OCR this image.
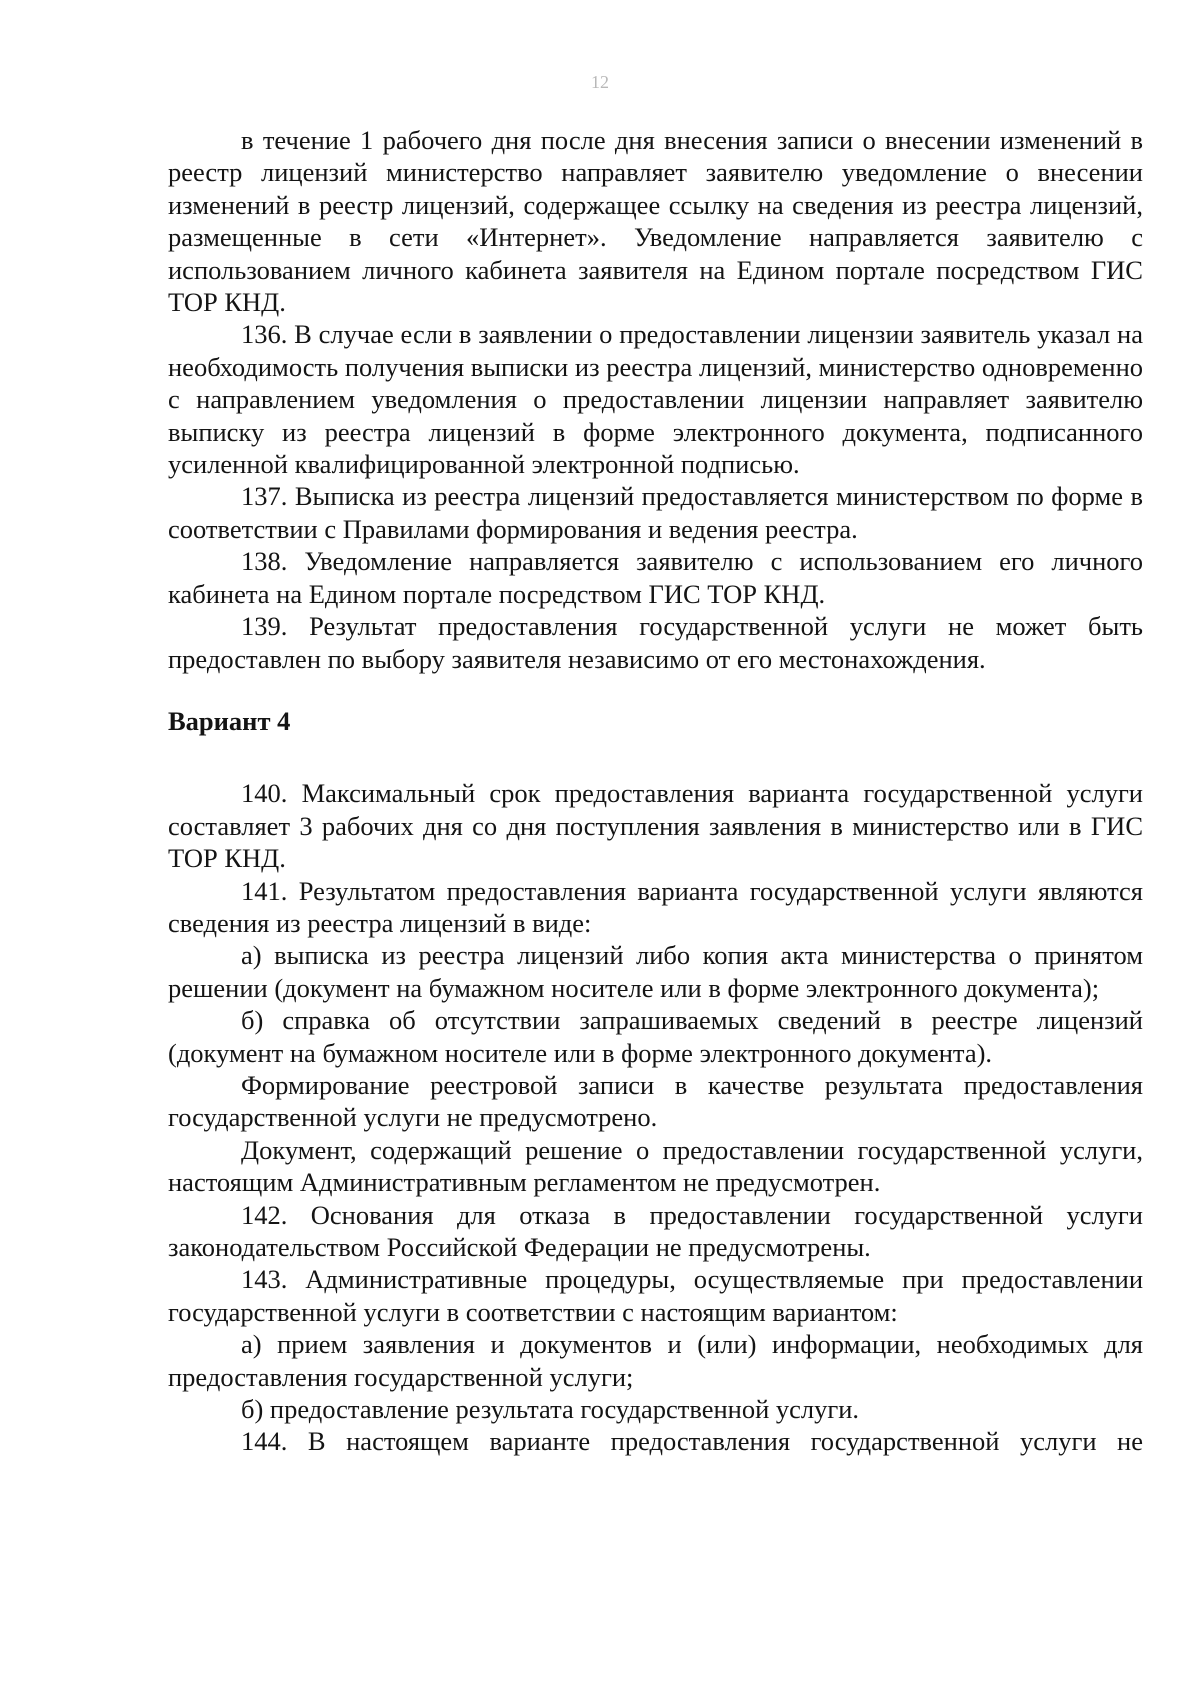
12

в течение 1 рабочего дня после дня внесения записи о внесении изменений в реестр лицензий министерство направляет заявителю уведомление о внесении изменений в реестр лицензий, содержащее ссылку на сведения из реестра лицензий, размещенные в сети «Интернет». Уведомление направляется заявителю с использованием личного кабинета заявителя на Едином портале посредством ГИС ТОР КНД.

136. В случае если в заявлении о предоставлении лицензии заявитель указал на необходимость получения выписки из реестра лицензий, министерство одновременно с направлением уведомления о предоставлении лицензии направляет заявителю выписку из реестра лицензий в форме электронного документа, подписанного усиленной квалифицированной электронной подписью.

137. Выписка из реестра лицензий предоставляется министерством по форме в соответствии с Правилами формирования и ведения реестра.

138. Уведомление направляется заявителю с использованием его личного кабинета на Едином портале посредством ГИС ТОР КНД.

139. Результат предоставления государственной услуги не может быть предоставлен по выбору заявителя независимо от его местонахождения.

Вариант 4

140. Максимальный срок предоставления варианта государственной услуги составляет 3 рабочих дня со дня поступления заявления в министерство или в ГИС ТОР КНД.

141. Результатом предоставления варианта государственной услуги являются сведения из реестра лицензий в виде:

а) выписка из реестра лицензий либо копия акта министерства о принятом решении (документ на бумажном носителе или в форме электронного документа);

б) справка об отсутствии запрашиваемых сведений в реестре лицензий (документ на бумажном носителе или в форме электронного документа).

Формирование реестровой записи в качестве результата предоставления государственной услуги не предусмотрено.

Документ, содержащий решение о предоставлении государственной услуги, настоящим Административным регламентом не предусмотрен.

142. Основания для отказа в предоставлении государственной услуги законодательством Российской Федерации не предусмотрены.

143. Административные процедуры, осуществляемые при предоставлении государственной услуги в соответствии с настоящим вариантом:

а) прием заявления и документов и (или) информации, необходимых для предоставления государственной услуги;

б) предоставление результата государственной услуги.

144. В настоящем варианте предоставления государственной услуги не
